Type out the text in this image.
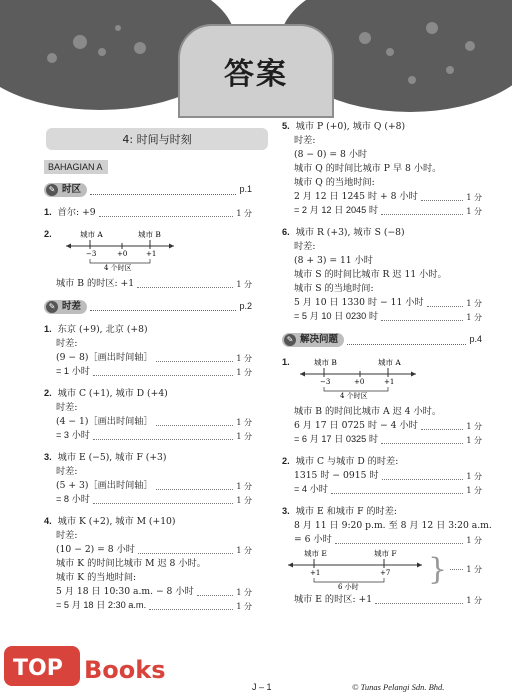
答案
4: 时间与时刻
BAHAGIAN A
✎ 时区	p.1
1. 首尔: +9	1 分
2.	城市 A	城市 B
−3	+0	+1
4 个时区
城市 B 的时区: +1	1 分
✎ 时差	p.2
1. 东京 (+9), 北京 (+8)
时差:
(9 − 8)［画出时间轴］	1 分
= 1 小时	1 分
2. 城市 C (+1), 城市 D (+4)
时差:
(4 − 1)［画出时间轴］	1 分
= 3 小时	1 分
3. 城市 E (−5), 城市 F (+3)
时差:
(5 + 3)［画出时间轴］	1 分
= 8 小时	1 分
4. 城市 K (+2), 城市 M (+10)
时差:
(10 − 2) = 8 小时	1 分
城市 K 的时间比城市 M 迟 8 小时。
城市 K 的当地时间:
5 月 18 日 10:30 a.m. − 8 小时	1 分
= 5 月 18 日 2:30 a.m.	1 分
5. 城市 P (+0), 城市 Q (+8)
时差:
(8 − 0) = 8 小时
城市 Q 的时间比城市 P 早 8 小时。
城市 Q 的当地时间:
2 月 12 日 1245 时 + 8 小时	1 分
= 2 月 12 日 2045 时	1 分
6. 城市 R (+3), 城市 S (−8)
时差:
(8 + 3) = 11 小时
城市 S 的时间比城市 R 迟 11 小时。
城市 S 的当地时间:
5 月 10 日 1330 时 − 11 小时	1 分
= 5 月 10 日 0230 时	1 分
✎ 解决问题	p.4
1.	城市 B	城市 A
−3	+0	+1
4 个时区
城市 B 的时间比城市 A 迟 4 小时。
6 月 17 日 0725 时 − 4 小时	1 分
= 6 月 17 日 0325 时	1 分
2. 城市 C 与城市 D 的时差:
1315 时 − 0915 时	1 分
= 4 小时	1 分
3. 城市 E 和城市 F 的时差:
8 月 11 日 9:20 p.m. 至 8 月 12 日 3:20 a.m.
= 6 小时	1 分
城市 E	城市 F
+1	+7
6 小时 } 1 分
城市 E 的时区: +1	1 分
TOP Books
J – 1	© Tunas Pelangi Sdn. Bhd.
